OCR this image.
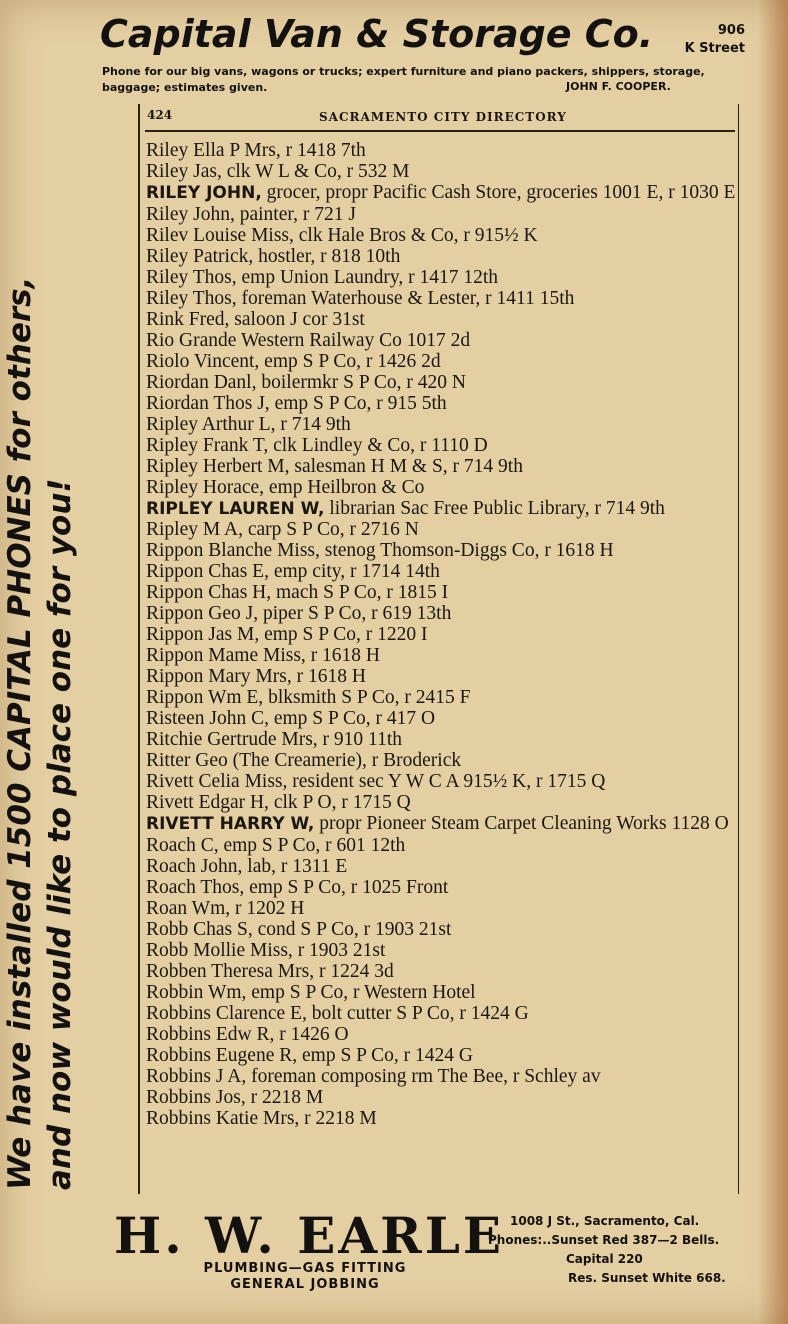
Capital Van & Storage Co.	906
K Street
Phone for our big vans, wagons or trucks; expert furniture and piano packers, shippers, storage, baggage; estimates given.	JOHN F. COOPER.
We have installed 1500 CAPITAL PHONES for others, and now would like to place one for you!
424	SACRAMENTO CITY DIRECTORY
Riley Ella P Mrs, r 1418 7th
Riley Jas, clk W L & Co, r 532 M
RILEY JOHN, grocer, propr Pacific Cash Store, groceries 1001 E, r 1030 E
Riley John, painter, r 721 J
Rilev Louise Miss, clk Hale Bros & Co, r 915½ K
Riley Patrick, hostler, r 818 10th
Riley Thos, emp Union Laundry, r 1417 12th
Riley Thos, foreman Waterhouse & Lester, r 1411 15th
Rink Fred, saloon J cor 31st
Rio Grande Western Railway Co 1017 2d
Riolo Vincent, emp S P Co, r 1426 2d
Riordan Danl, boilermkr S P Co, r 420 N
Riordan Thos J, emp S P Co, r 915 5th
Ripley Arthur L, r 714 9th
Ripley Frank T, clk Lindley & Co, r 1110 D
Ripley Herbert M, salesman H M & S, r 714 9th
Ripley Horace, emp Heilbron & Co
RIPLEY LAUREN W, librarian Sac Free Public Library, r 714 9th
Ripley M A, carp S P Co, r 2716 N
Rippon Blanche Miss, stenog Thomson-Diggs Co, r 1618 H
Rippon Chas E, emp city, r 1714 14th
Rippon Chas H, mach S P Co, r 1815 I
Rippon Geo J, piper S P Co, r 619 13th
Rippon Jas M, emp S P Co, r 1220 I
Rippon Mame Miss, r 1618 H
Rippon Mary Mrs, r 1618 H
Rippon Wm E, blksmith S P Co, r 2415 F
Risteen John C, emp S P Co, r 417 O
Ritchie Gertrude Mrs, r 910 11th
Ritter Geo (The Creamerie), r Broderick
Rivett Celia Miss, resident sec Y W C A 915½ K, r 1715 Q
Rivett Edgar H, clk P O, r 1715 Q
RIVETT HARRY W, propr Pioneer Steam Carpet Cleaning Works 1128 O
Roach C, emp S P Co, r 601 12th
Roach John, lab, r 1311 E
Roach Thos, emp S P Co, r 1025 Front
Roan Wm, r 1202 H
Robb Chas S, cond S P Co, r 1903 21st
Robb Mollie Miss, r 1903 21st
Robben Theresa Mrs, r 1224 3d
Robbin Wm, emp S P Co, r Western Hotel
Robbins Clarence E, bolt cutter S P Co, r 1424 G
Robbins Edw R, r 1426 O
Robbins Eugene R, emp S P Co, r 1424 G
Robbins J A, foreman composing rm The Bee, r Schley av
Robbins Jos, r 2218 M
Robbins Katie Mrs, r 2218 M
H. W. EARLE
PLUMBING—GAS FITTING
GENERAL JOBBING
1008 J St., Sacramento, Cal.
Phones:..Sunset Red 387—2 Bells.
Capital 220
Res. Sunset White 668.
